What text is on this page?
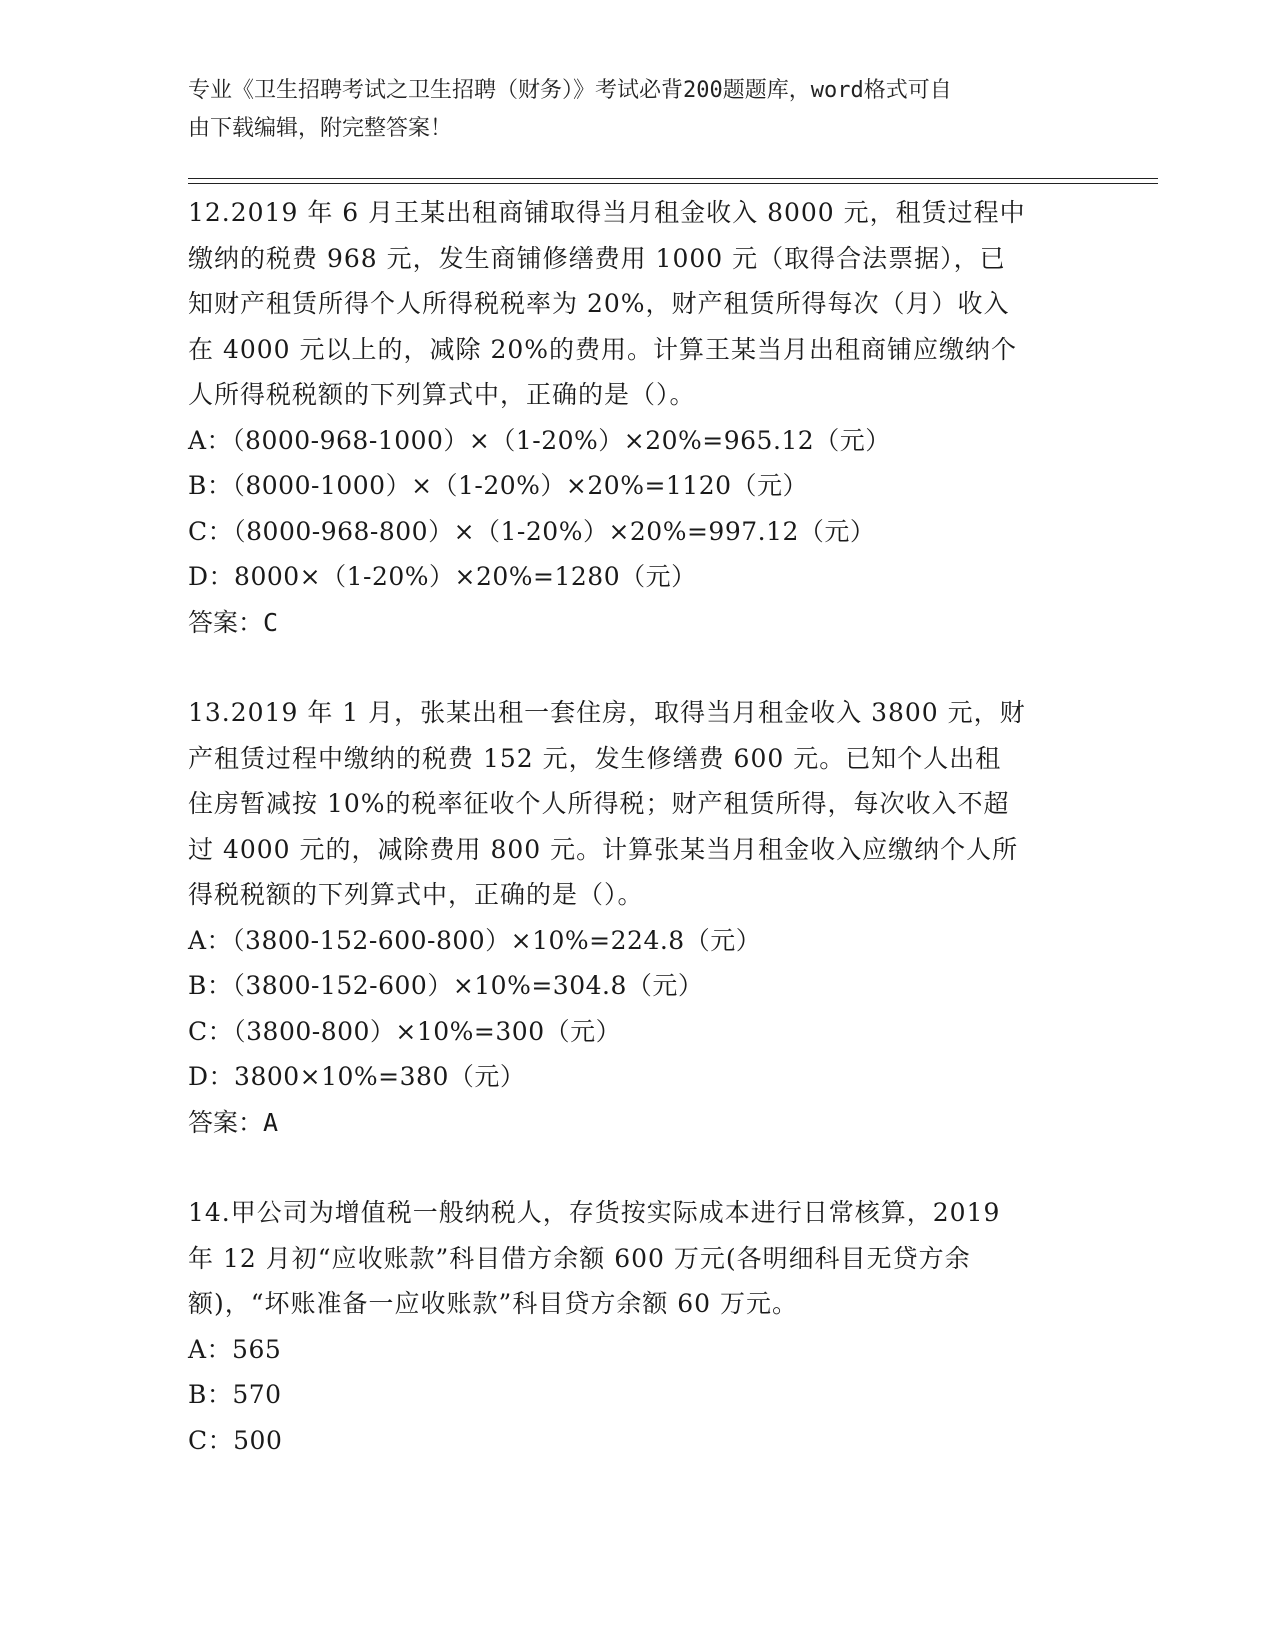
专业《卫生招聘考试之卫生招聘（财务）》考试必背200题题库，word格式可自
由下载编辑，附完整答案！
12.2019 年 6 月王某出租商铺取得当月租金收入 8000 元，租赁过程中
缴纳的税费 968 元，发生商铺修缮费用 1000 元（取得合法票据），已
知财产租赁所得个人所得税税率为 20%，财产租赁所得每次（月）收入
在 4000 元以上的，减除 20%的费用。计算王某当月出租商铺应缴纳个
人所得税税额的下列算式中，正确的是（）。
A：（8000-968-1000）×（1-20%）×20%=965.12（元）
B：（8000-1000）×（1-20%）×20%=1120（元）
C：（8000-968-800）×（1-20%）×20%=997.12（元）
D：8000×（1-20%）×20%=1280（元）
答案：C
13.2019 年 1 月，张某出租一套住房，取得当月租金收入 3800 元，财
产租赁过程中缴纳的税费 152 元，发生修缮费 600 元。已知个人出租
住房暂减按 10%的税率征收个人所得税；财产租赁所得，每次收入不超
过 4000 元的，减除费用 800 元。计算张某当月租金收入应缴纳个人所
得税税额的下列算式中，正确的是（）。
A：（3800-152-600-800）×10%=224.8（元）
B：（3800-152-600）×10%=304.8（元）
C：（3800-800）×10%=300（元）
D：3800×10%=380（元）
答案：A
14.甲公司为增值税一般纳税人，存货按实际成本进行日常核算，2019
年 12 月初“应收账款”科目借方余额 600 万元(各明细科目无贷方余
额)，“坏账准备一应收账款”科目贷方余额 60 万元。
A：565
B：570
C：500
